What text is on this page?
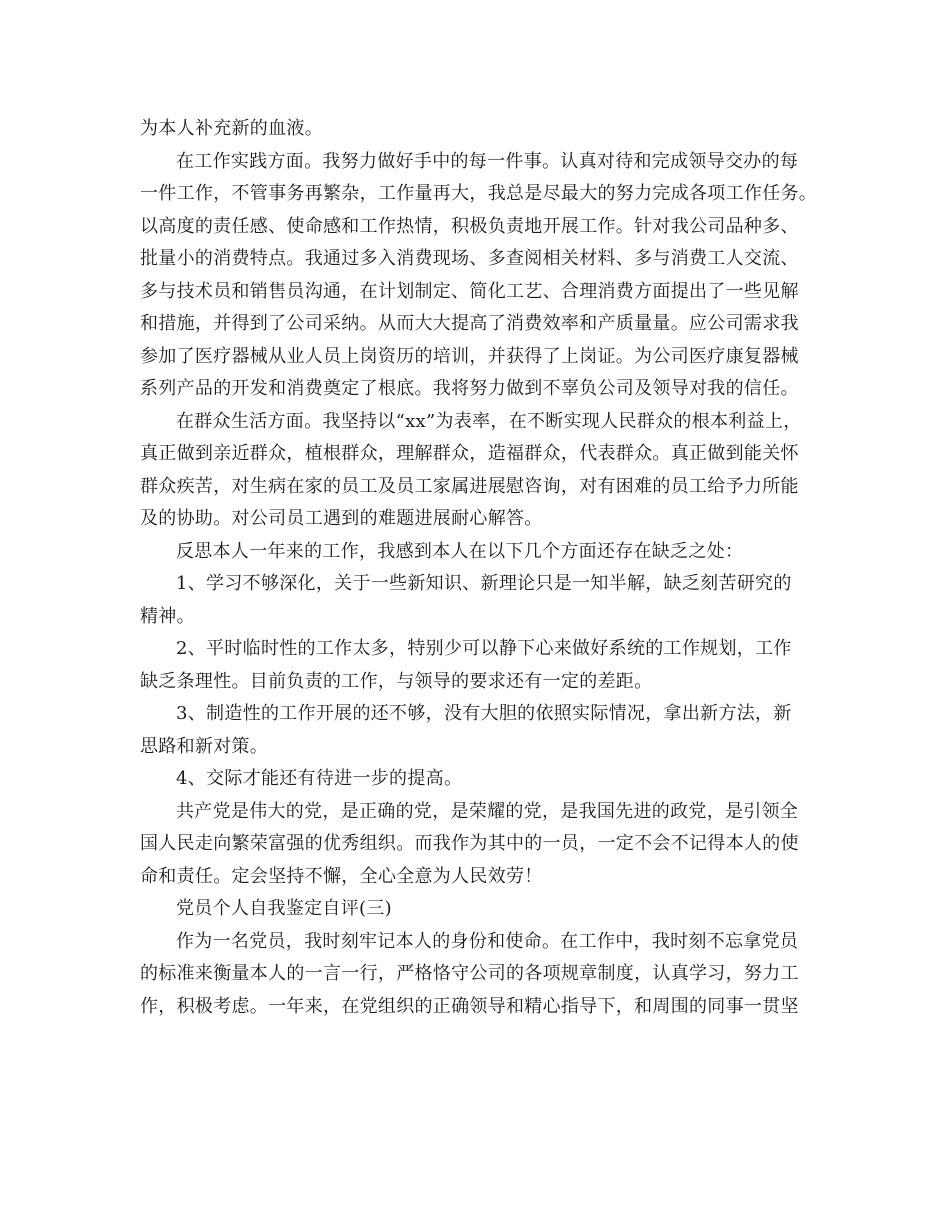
为本人补充新的血液。
在工作实践方面。我努力做好手中的每一件事。认真对待和完成领导交办的每
一件工作，不管事务再繁杂，工作量再大，我总是尽最大的努力完成各项工作任务。
以高度的责任感、使命感和工作热情，积极负责地开展工作。针对我公司品种多、
批量小的消费特点。我通过多入消费现场、多查阅相关材料、多与消费工人交流、
多与技术员和销售员沟通，在计划制定、简化工艺、合理消费方面提出了一些见解
和措施，并得到了公司采纳。从而大大提高了消费效率和产质量量。应公司需求我
参加了医疗器械从业人员上岗资历的培训，并获得了上岗证。为公司医疗康复器械
系列产品的开发和消费奠定了根底。我将努力做到不辜负公司及领导对我的信任。
在群众生活方面。我坚持以“xx”为表率，在不断实现人民群众的根本利益上，
真正做到亲近群众，植根群众，理解群众，造福群众，代表群众。真正做到能关怀
群众疾苦，对生病在家的员工及员工家属进展慰咨询，对有困难的员工给予力所能
及的协助。对公司员工遇到的难题进展耐心解答。
反思本人一年来的工作，我感到本人在以下几个方面还存在缺乏之处：
1、学习不够深化，关于一些新知识、新理论只是一知半解，缺乏刻苦研究的
精神。
2、平时临时性的工作太多，特别少可以静下心来做好系统的工作规划，工作
缺乏条理性。目前负责的工作，与领导的要求还有一定的差距。
3、制造性的工作开展的还不够，没有大胆的依照实际情况，拿出新方法，新
思路和新对策。
4、交际才能还有待进一步的提高。
共产党是伟大的党，是正确的党，是荣耀的党，是我国先进的政党，是引领全
国人民走向繁荣富强的优秀组织。而我作为其中的一员，一定不会不记得本人的使
命和责任。定会坚持不懈，全心全意为人民效劳！
党员个人自我鉴定自评(三)
作为一名党员，我时刻牢记本人的身份和使命。在工作中，我时刻不忘拿党员
的标准来衡量本人的一言一行，严格恪守公司的各项规章制度，认真学习，努力工
作，积极考虑。一年来，在党组织的正确领导和精心指导下，和周围的同事一贯坚
